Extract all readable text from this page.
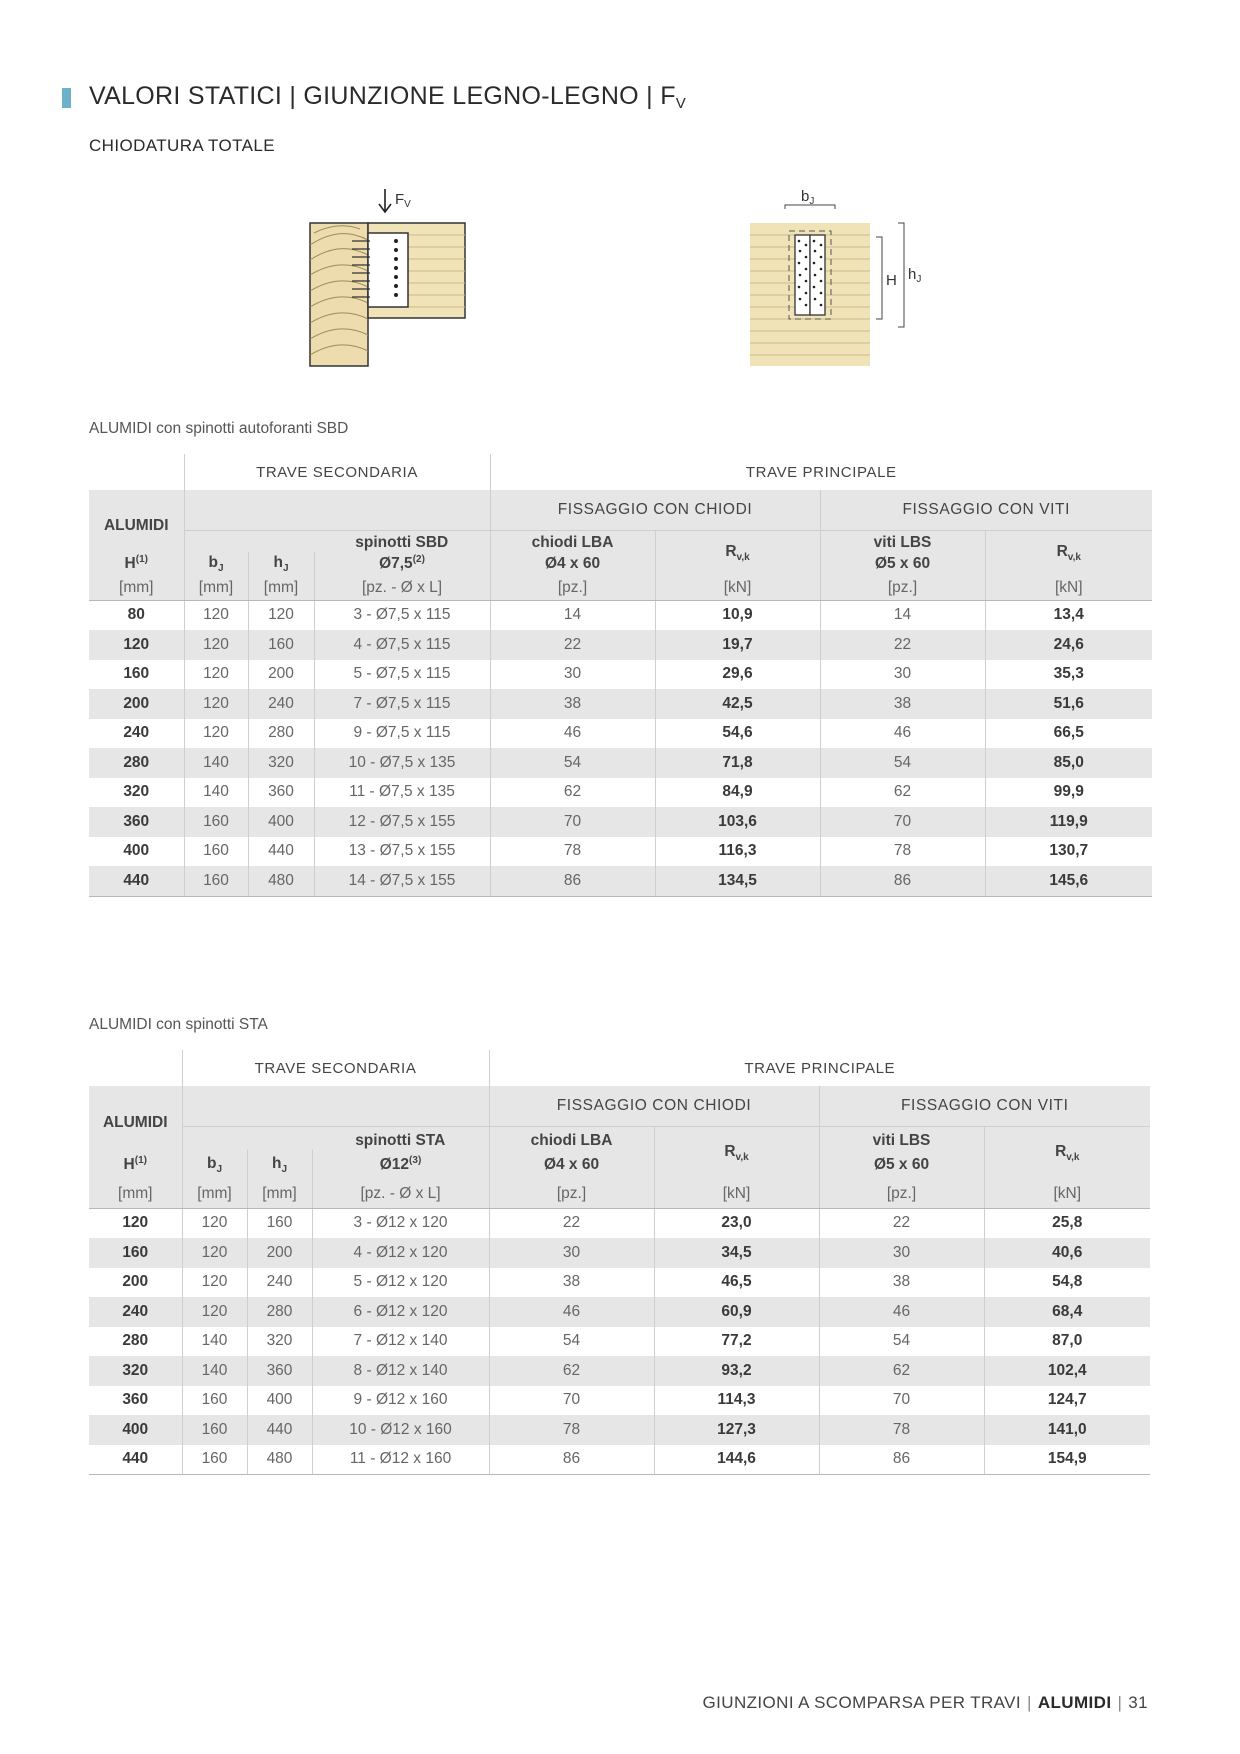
VALORI STATICI | GIUNZIONE LEGNO-LEGNO | $F_V$
CHIODATURA TOTALE
$F_V$	$b_J$
H $h_J$
ALUMIDI con spinotti autoforanti SBD
	TRAVE SECONDARIA			TRAVE PRINCIPALE			
ALUMIDI				FISSAGGIO CON CHIODI		FISSAGGIO CON VITI	
			spinotti SBD	chiodi LBA	$R_{v,k}$	viti LBS	$R_{v,k}$
$H^{(1)}$	$b_J$	$h_J$	Ø7,5$^{(2)}$	Ø4 x 60		Ø5 x 60	
[mm]	[mm]	[mm]	[pz. - Ø x L]	[pz.]	[kN]	[pz.]	[kN]
80	120	120	3 - Ø7,5 x 115	14	10,9	14	13,4
120	120	160	4 - Ø7,5 x 115	22	19,7	22	24,6
160	120	200	5 - Ø7,5 x 115	30	29,6	30	35,3
200	120	240	7 - Ø7,5 x 115	38	42,5	38	51,6
240	120	280	9 - Ø7,5 x 115	46	54,6	46	66,5
280	140	320	10 - Ø7,5 x 135	54	71,8	54	85,0
320	140	360	11 - Ø7,5 x 135	62	84,9	62	99,9
360	160	400	12 - Ø7,5 x 155	70	103,6	70	119,9
400	160	440	13 - Ø7,5 x 155	78	116,3	78	130,7
440	160	480	14 - Ø7,5 x 155	86	134,5	86	145,6
ALUMIDI con spinotti STA
	TRAVE SECONDARIA			TRAVE PRINCIPALE			
ALUMIDI				FISSAGGIO CON CHIODI		FISSAGGIO CON VITI	
			spinotti STA	chiodi LBA	$R_{v,k}$	viti LBS	$R_{v,k}$
$H^{(1)}$	$b_J$	$h_J$	Ø12$^{(3)}$	Ø4 x 60		Ø5 x 60	
[mm]	[mm]	[mm]	[pz. - Ø x L]	[pz.]	[kN]	[pz.]	[kN]
120	120	160	3 - Ø12 x 120	22	23,0	22	25,8
160	120	200	4 - Ø12 x 120	30	34,5	30	40,6
200	120	240	5 - Ø12 x 120	38	46,5	38	54,8
240	120	280	6 - Ø12 x 120	46	60,9	46	68,4
280	140	320	7 - Ø12 x 140	54	77,2	54	87,0
320	140	360	8 - Ø12 x 140	62	93,2	62	102,4
360	160	400	9 - Ø12 x 160	70	114,3	70	124,7
400	160	440	10 - Ø12 x 160	78	127,3	78	141,0
440	160	480	11 - Ø12 x 160	86	144,6	86	154,9
GIUNZIONI A SCOMPARSA PER TRAVI | ALUMIDI | 31
